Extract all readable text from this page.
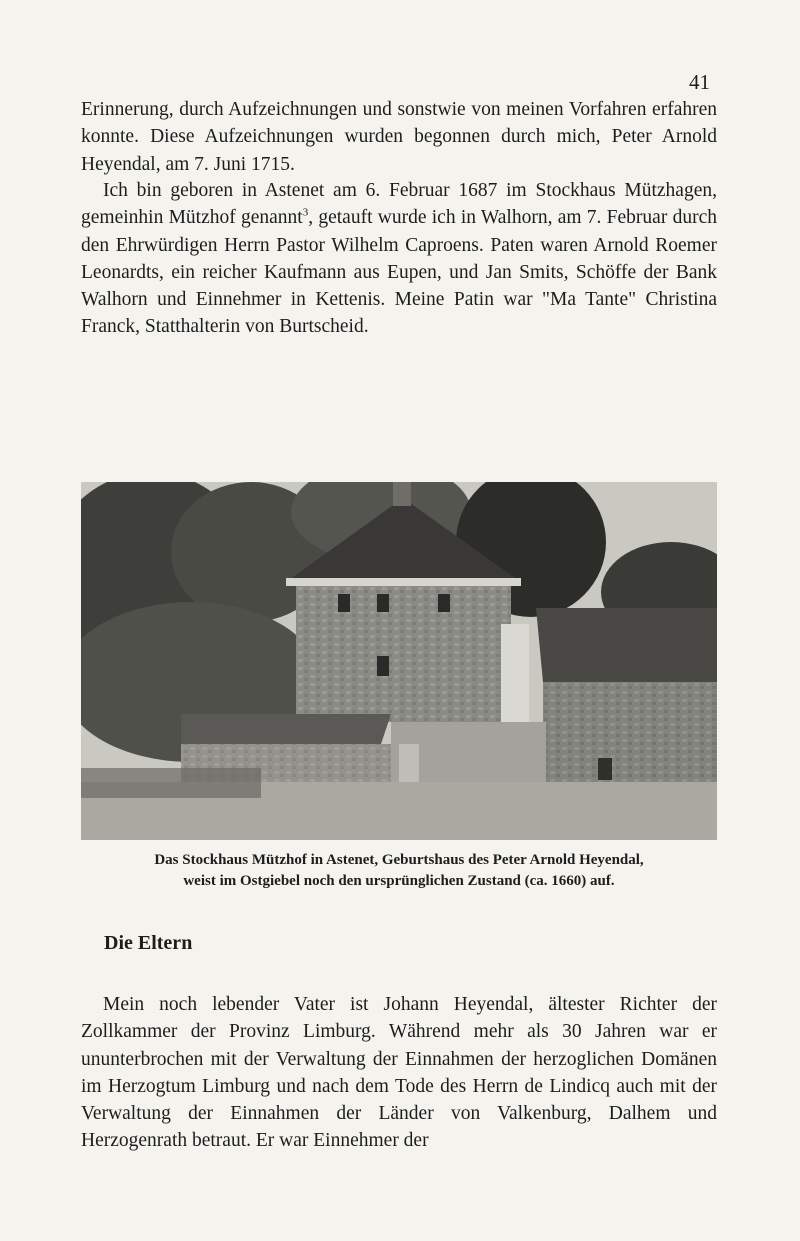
41

Erinnerung, durch Aufzeichnungen und sonstwie von meinen Vorfahren erfahren konnte. Diese Aufzeichnungen wurden begonnen durch mich, Peter Arnold Heyendal, am 7. Juni 1715.

Ich bin geboren in Astenet am 6. Februar 1687 im Stockhaus Mützhagen, gemeinhin Mützhof genannt$^3$, getauft wurde ich in Walhorn, am 7. Februar durch den Ehrwürdigen Herrn Pastor Wilhelm Caproens. Paten waren Arnold Roemer Leonardts, ein reicher Kaufmann aus Eupen, und Jan Smits, Schöffe der Bank Walhorn und Einnehmer in Kettenis. Meine Patin war "Ma Tante" Christina Franck, Statthalterin von Burtscheid.

Das Stockhaus Mützhof in Astenet, Geburtshaus des Peter Arnold Heyendal,
weist im Ostgiebel noch den ursprünglichen Zustand (ca. 1660) auf.
Die Eltern

Mein noch lebender Vater ist Johann Heyendal, ältester Richter der Zollkammer der Provinz Limburg. Während mehr als 30 Jahren war er ununterbrochen mit der Verwaltung der Einnahmen der herzoglichen Domänen im Herzogtum Limburg und nach dem Tode des Herrn de Lindicq auch mit der Verwaltung der Einnahmen der Länder von Valkenburg, Dalhem und Herzogenrath betraut. Er war Einnehmer der
